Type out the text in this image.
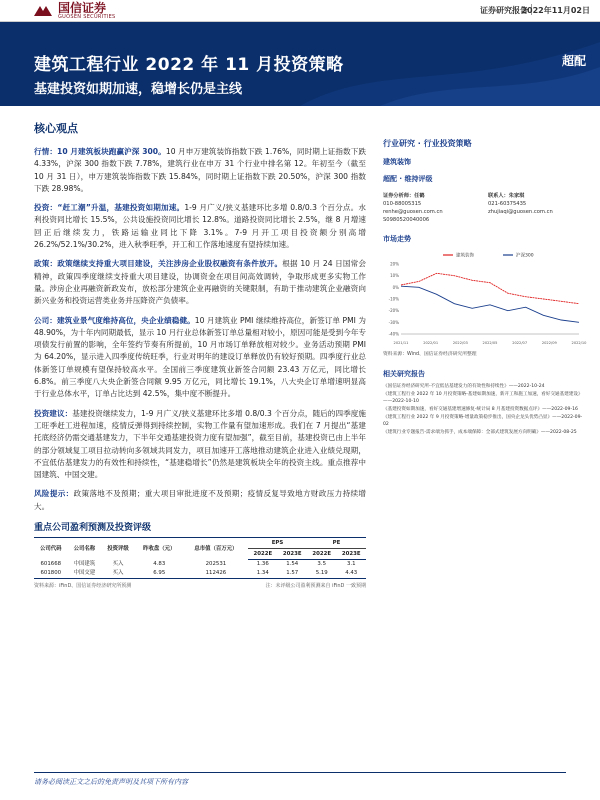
国信证券
GUOSEN SECURITIES
证券研究报告
2022年11月02日
建筑工程行业 2022 年 11 月投资策略
基建投资如期加速，稳增长仍是主线
超配
核心观点

行情：10 月建筑板块跑赢沪深 300。10 月申万建筑装饰指数下跌 1.76%，同时期上证指数下跌 4.33%，沪深 300 指数下跌 7.78%，建筑行业在申万 31 个行业中排名第 12。年初至今（截至 10 月 31 日），申万建筑装饰指数下跌 15.84%，同时期上证指数下跌 20.50%，沪深 300 指数下跌 28.98%。

投资：“赶工潮”升温，基建投资如期加速。1-9 月广义/狭义基建环比多增 0.8/0.3 个百分点。水利投资同比增长 15.5%，公共设施投资同比增长 12.8%。道路投资同比增长 2.5%，继 8 月增速回正后继续发力，铁路运输业同比下降 3.1%。7-9 月开工项目投资额分别高增 26.2%/52.1%/30.2%，进入秋季旺季，开工和工作落地速度有望持续加速。

政策：政策继续支持重大项目建设，关注涉房企业股权融资有条件放开。根据 10 月 24 日国常会精神，政策四季度继续支持重大项目建设，协调资金在项目间高效调转，争取形成更多实物工作量。涉房企业再融资新政发布，放松部分建筑企业再融资的关键限制，有助于推动建筑企业融资向新兴业务和投资运营类业务并压降资产负债率。

公司：建筑业景气度维持高位，央企业绩稳健。10 月建筑业 PMI 继续维持高位，新签订单 PMI 为 48.90%，为十年内同期最低，显示 10 月行业总体新签订单总量相对较小，原因可能是受到今年专项债发行前置的影响，全年签约节奏有所提前，10 月市场订单释放相对较少。业务活动预期 PMI 为 64.20%，显示进入四季度传统旺季，行业对明年的建设订单释放仍有较好预期。四季度行业总体新签订单规模有望保持较高水平。全国前三季度建筑业新签合同额 23.43 万亿元，同比增长 6.8%。前三季度八大央企新签合同额 9.95 万亿元，同比增长 19.1%，八大央企订单增速明显高于行业总体水平，订单占比达到 42.5%，集中度不断提升。

投资建议：基建投资继续发力，1-9 月广义/狭义基建环比多增 0.8/0.3 个百分点，随后的四季度施工旺季赶工进程加速，疫情反弹得到持续控制，实物工作量有望加速形成。我们在 7 月提出“基建托底经济仍需交通基建发力，下半年交通基建投资力度有望加强”，截至目前，基建投资已由上半年的部分领域复工项目拉动转向多领域共同发力，项目加速开工落地推动建筑企业进入业绩兑现期，不宜低估基建发力的有效性和持续性，“基建稳增长”仍然是建筑板块全年的投资主线。重点推荐中国建筑、中国交建。

风险提示：政策落地不及预期；重大项目审批进度不及预期；疫情反复导致地方财政压力持续增大。

重点公司盈利预测及投资评级
公司代码	公司名称	投资评级	昨收盘（元）	总市值（百万元）	EPS		PE	
					2022E	2023E	2022E	2023E
601668	中国建筑	买入	4.83	202531	1.36	1.54	3.5	3.1
601800	中国交建	买入	6.95	112426	1.34	1.57	5.19	4.43
资料来源：iFinD、国信证券经济研究所预测	注：未评级公司盈利预测来自 iFinD 一致预期
行业研究 · 行业投资策略
建筑装饰
超配 · 维持评级
证券分析师：任鹤
010-88005315
renhe@guosen.com.cn
S0980520040006
联系人：朱家琪
021-60375435
zhujiaqi@guosen.com.cn
市场走势
-40%
-30%
-20%
-10%
0%
10%
20%
2021/11	2022/01	2022/03	2022/05	2022/07	2022/09	2022/10
建筑装饰	沪深300
资料来源：Wind、国信证券经济研究所整理
相关研究报告
《国信证券经济研究所-不宜低估基建发力的有效性和持续性》——2022-10-24
《建筑工程行业 2022 年 10 月投资策略-基建如期加速，新开工和施工加速，看好交通基建建设》——2022-10-10
《基建投资如期加速，看好交通基建增速修复-统计局 8 月基建投资数据点评》——2022-09-16
《建筑工程行业 2022 年 9 月投资策略-增量政策稳步推出，国央企龙头优势凸显》——2022-09-02
《建筑行业专题报告-需求端为抓手，成本端保障：全部式建筑发展方向明确》——2022-08-25
请务必阅读正文之后的免责声明及其项下所有内容
